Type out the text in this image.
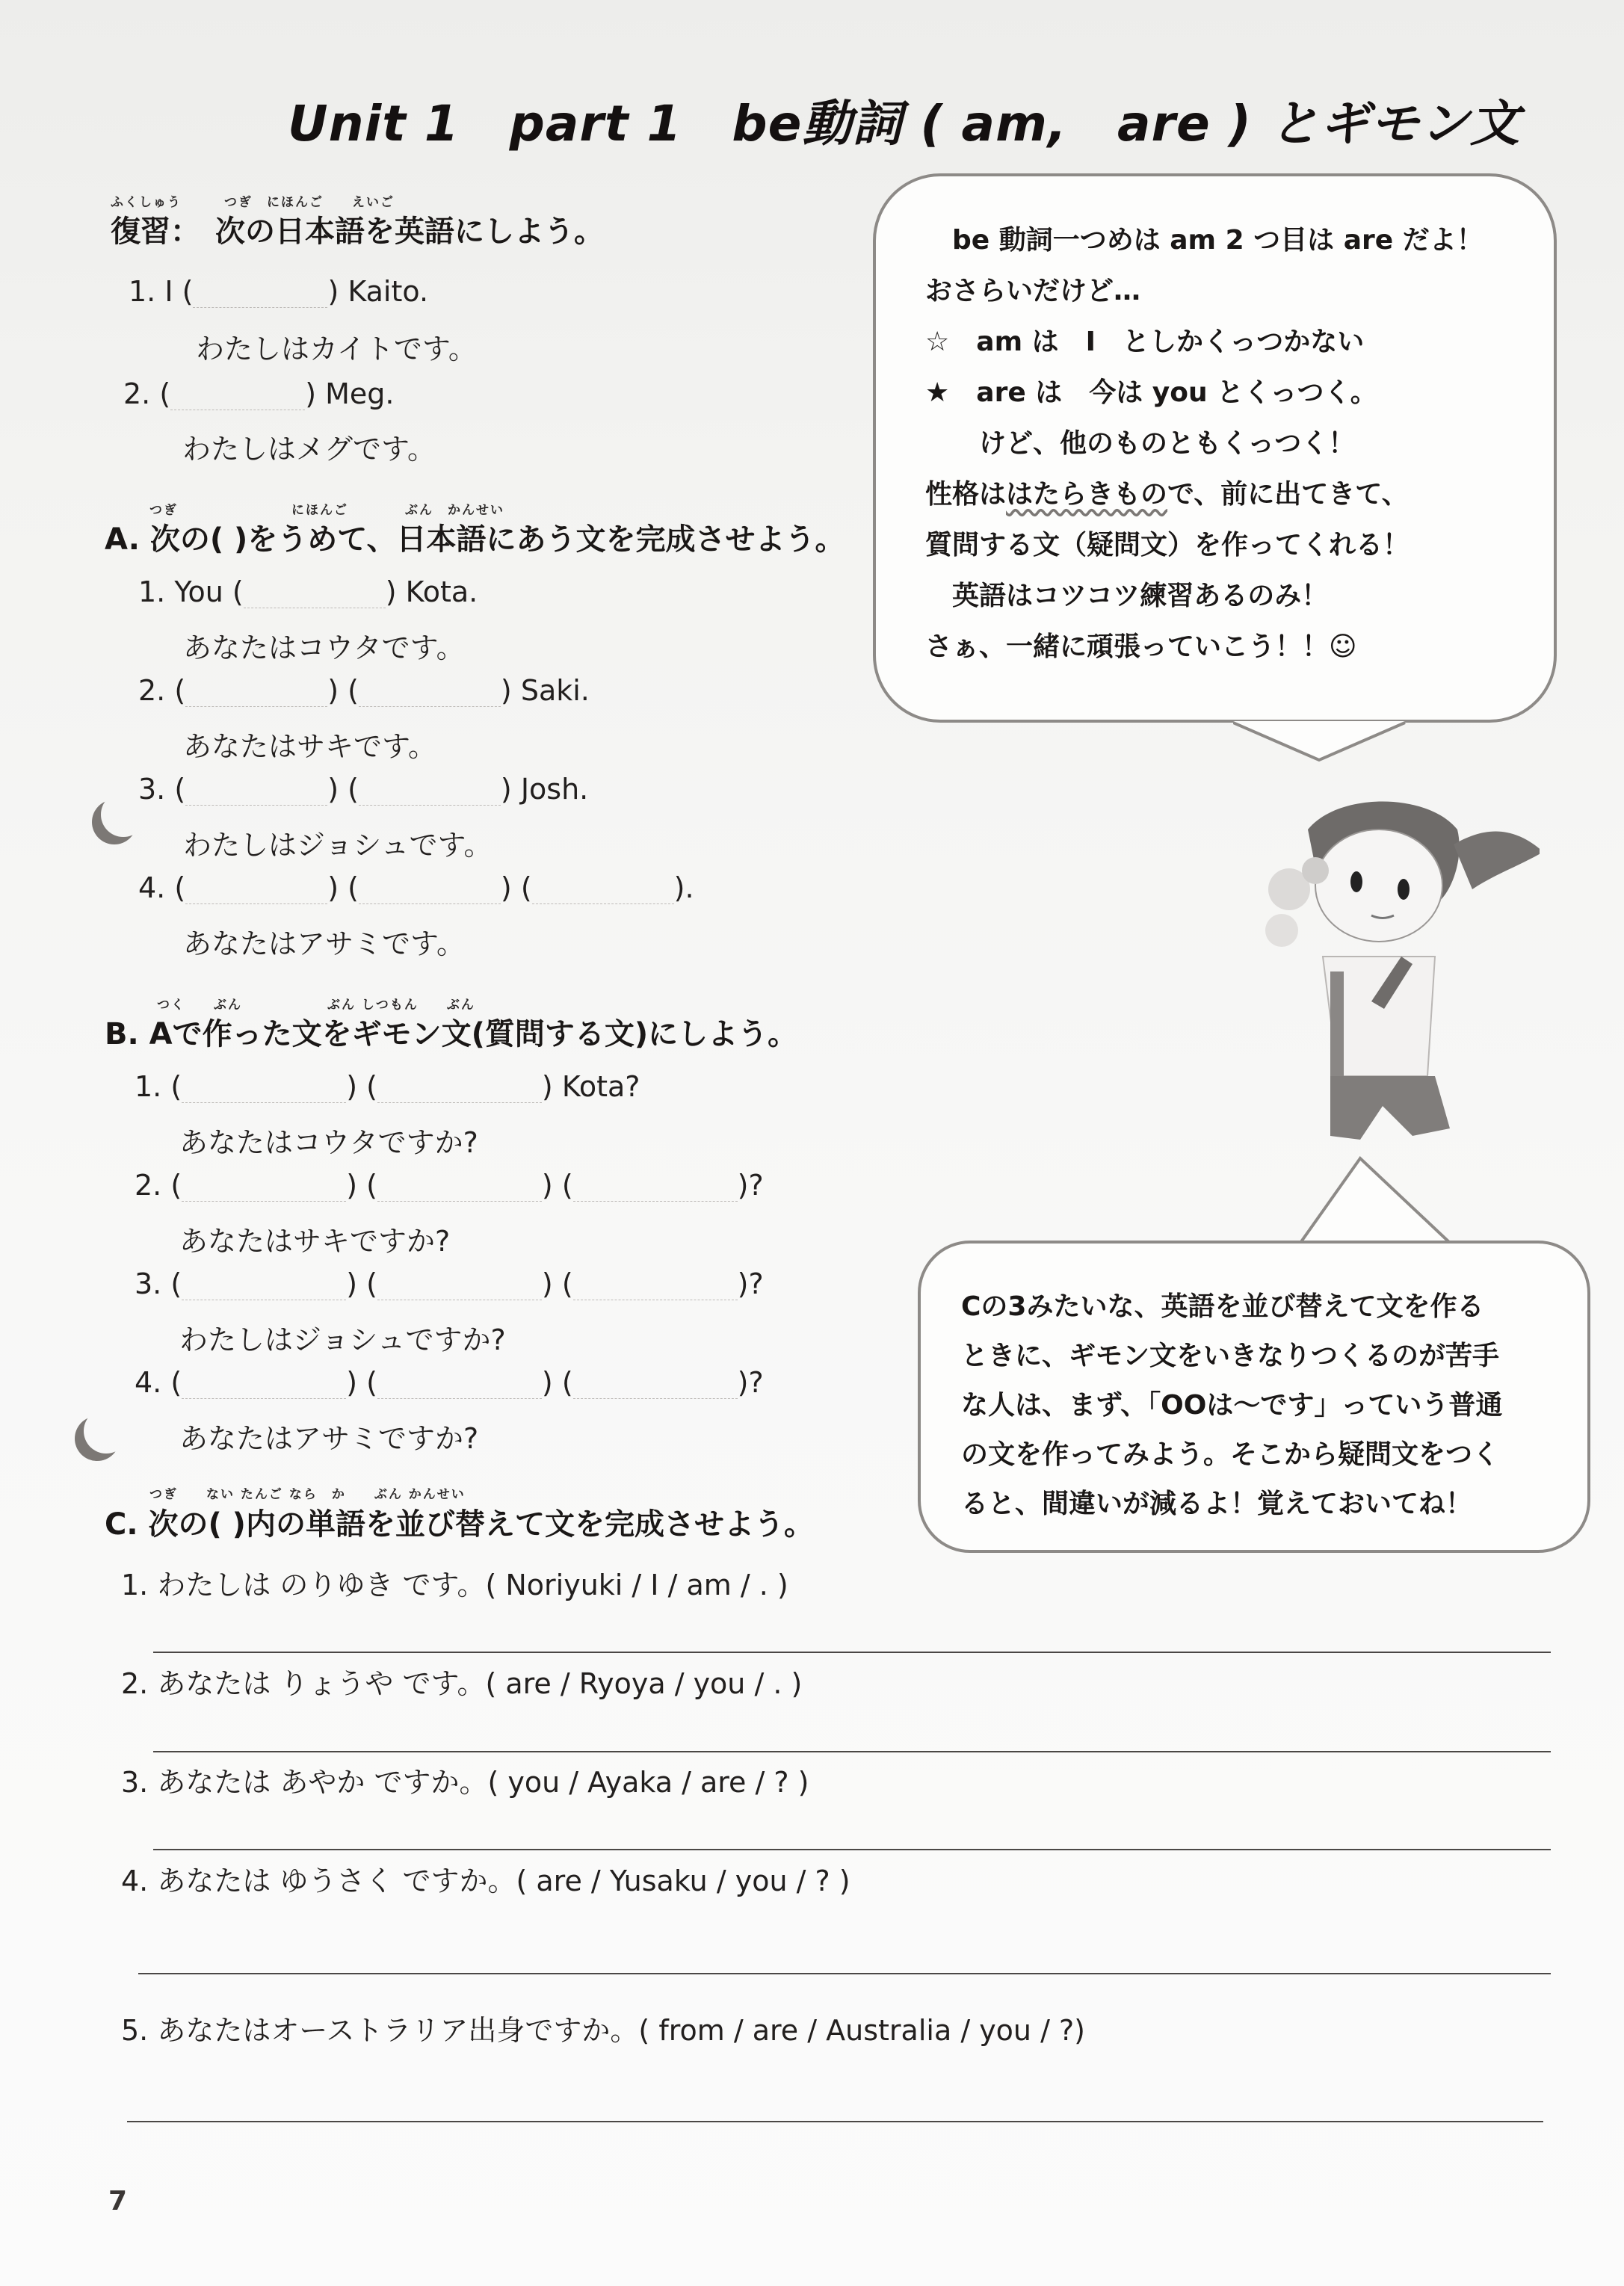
Unit 1　part 1　be動詞 ( am,　are ) とギモン文
ふくしゅう　　　つぎ　にほんご　　えいご
復習：　次の日本語を英語にしよう。
1. I (	) Kaito.
わたしはカイトです。
2. (	) Meg.
わたしはメグです。
つぎ　　　　　　　　にほんご　　　　ぶん　かんせい
A. 次の( )をうめて、日本語にあう文を完成させよう。
1. You (	) Kota.
あなたはコウタです。
2. (	) (	) Saki.
あなたはサキです。
3. (	) (	) Josh.
わたしはジョシュです。
4. (	) (	) (	).
あなたはアサミです。
つく　　ぶん　　　　　　ぶん しつもん　　ぶん
B. Aで作った文をギモン文(質問する文)にしよう。
1. (	) (	) Kota?
あなたはコウタですか?
2. (	) (	) (	)?
あなたはサキですか?
3. (	) (	) (	)?
わたしはジョシュですか?
4. (	) (	) (	)?
あなたはアサミですか?
つぎ　　ない たんご なら　か　　ぶん かんせい
C. 次の( )内の単語を並び替えて文を完成させよう。
1. わたしは のりゆき です。( Noriyuki / I / am / . )
2. あなたは りょうや です。( are / Ryoya / you / . )
3. あなたは あやか ですか。( you / Ayaka / are / ? )
4. あなたは ゆうさく ですか。( are / Yusaku / you / ? )
5. あなたはオーストラリア出身ですか。( from / are / Australia / you / ?)
　be 動詞一つめは am 2 つ目は are だよ！
おさらいだけど…
☆　am は　I　としかくっつかない
★　are は　今は you とくっつく。
　　けど、他のものともくっつく！
性格ははたらきもので、前に出てきて、
質問する文（疑問文）を作ってくれる！
　英語はコツコツ練習あるのみ！
さぁ、一緒に頑張っていこう！！☺
Cの3みたいな、英語を並び替えて文を作る
ときに、ギモン文をいきなりつくるのが苦手
な人は、まず、「OOは～です」っていう普通
の文を作ってみよう。そこから疑問文をつく
ると、間違いが減るよ！覚えておいてね！
7
